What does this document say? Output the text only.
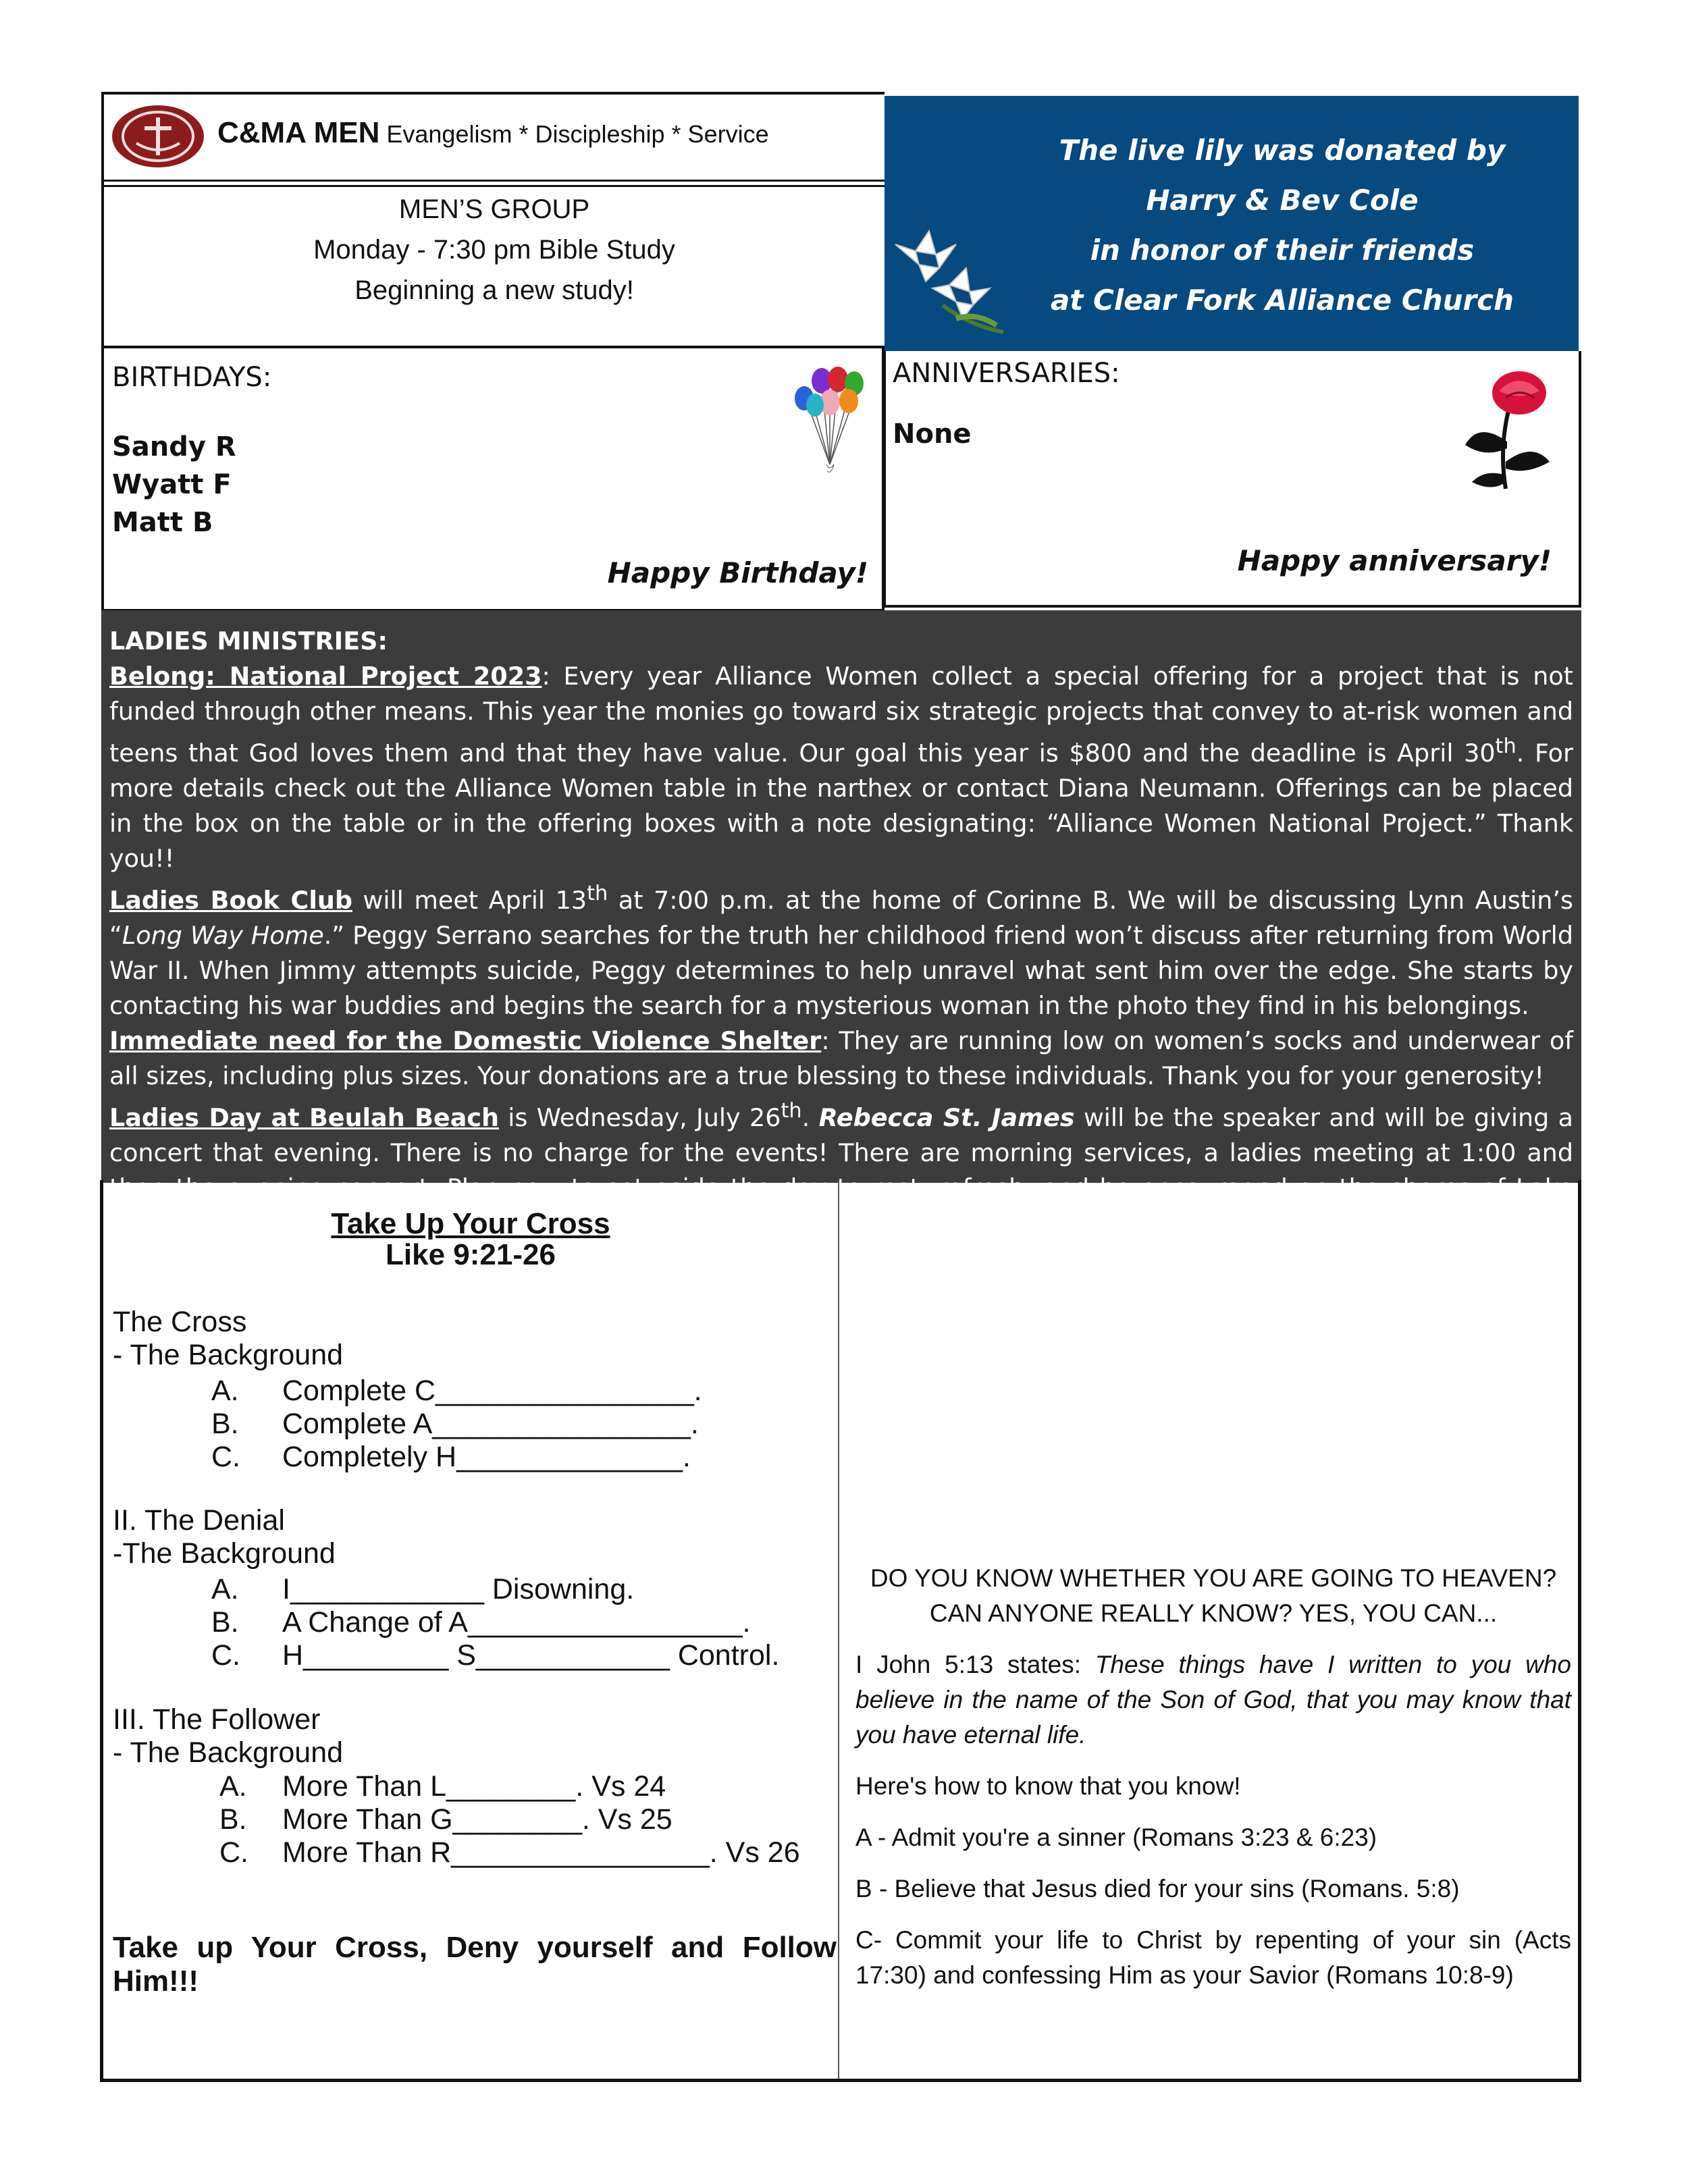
C&MA MEN Evangelism * Discipleship * Service
MEN’S GROUP
Monday - 7:30 pm Bible Study
Beginning a new study!
The live lily was donated by
Harry & Bev Cole
in honor of their friends
at Clear Fork Alliance Church
BIRTHDAYS:
Sandy R
Wyatt F
Matt B
Happy Birthday!
ANNIVERSARIES:
None
Happy anniversary!

LADIES MINISTRIES:

Belong: National Project 2023: Every year Alliance Women collect a special offering for a project that is not funded through other means. This year the monies go toward six strategic projects that convey to at-risk women and teens that God loves them and that they have value. Our goal this year is $800 and the deadline is April 30th. For more details check out the Alliance Women table in the narthex or contact Diana Neumann. Offerings can be placed in the box on the table or in the offering boxes with a note designating: “Alliance Women National Project.” Thank you!!

Ladies Book Club will meet April 13th at 7:00 p.m. at the home of Corinne B. We will be discussing Lynn Austin’s “Long Way Home.” Peggy Serrano searches for the truth her childhood friend won’t discuss after returning from World War II. When Jimmy attempts suicide, Peggy determines to help unravel what sent him over the edge. She starts by contacting his war buddies and begins the search for a mysterious woman in the photo they find in his belongings.

Immediate need for the Domestic Violence Shelter: They are running low on women’s socks and underwear of all sizes, including plus sizes. Your donations are a true blessing to these individuals. Thank you for your generosity!

Ladies Day at Beulah Beach is Wednesday, July 26th. Rebecca St. James will be the speaker and will be giving a concert that evening. There is no charge for the events! There are morning services, a ladies meeting at 1:00 and then the evening concert. Plan now to set aside the day to rest, refresh, and be encouraged on the shores of Lake Erie.	Take Up Your Cross
Like 9:21-26
The Cross
- The Background
A. Complete C________________.
B. Complete A________________.
C. Completely H______________.
II. The Denial
-The Background
A. I____________ Disowning.
B. A Change of A_________________.
C. H_________ S____________ Control.
III. The Follower
- The Background
A. More Than L________. Vs 24
B. More Than G________. Vs 25
C. More Than R________________. Vs 26
Take up Your Cross, Deny yourself and Follow Him!!!

DO YOU KNOW WHETHER YOU ARE GOING TO HEAVEN?

CAN ANYONE REALLY KNOW? YES, YOU CAN...

I John 5:13 states: These things have I written to you who believe in the name of the Son of God, that you may know that you have eternal life.

Here's how to know that you know!

A - Admit you're a sinner (Romans 3:23 & 6:23)

B - Believe that Jesus died for your sins (Romans. 5:8)

C- Commit your life to Christ by repenting of your sin (Acts 17:30) and confessing Him as your Savior (Romans 10:8-9)
